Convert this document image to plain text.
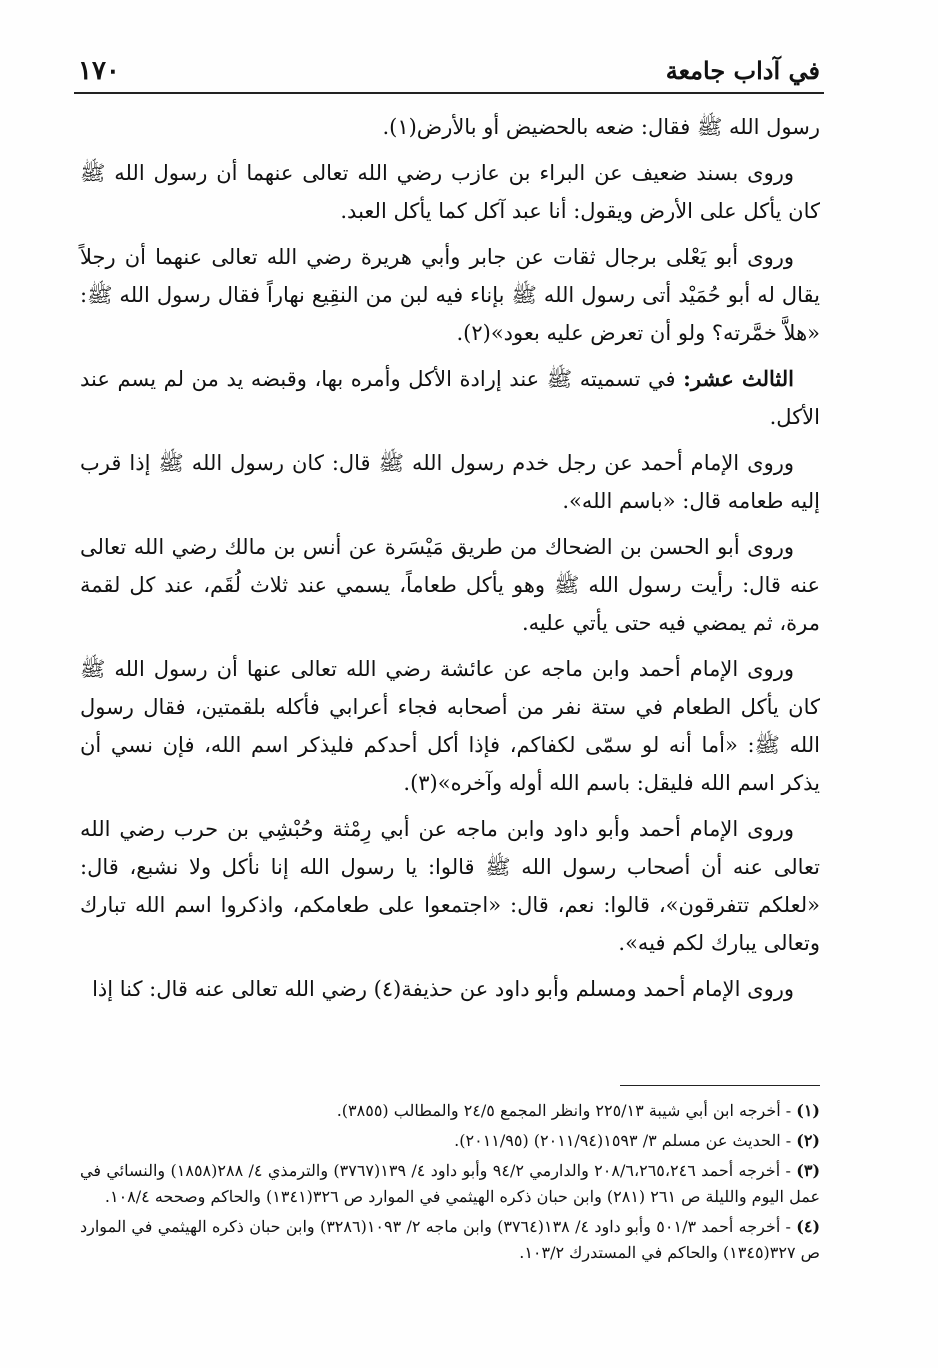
١٧٠	في آداب جامعة

رسول الله ﷺ فقال: ضعه بالحضيض أو بالأرض(١).

وروى بسند ضعيف عن البراء بن عازب رضي الله تعالى عنهما أن رسول الله ﷺ كان يأكل على الأرض ويقول: أنا عبد آكل كما يأكل العبد.

وروى أبو يَعْلى برجال ثقات عن جابر وأبي هريرة رضي الله تعالى عنهما أن رجلاً يقال له أبو حُمَيْد أتى رسول الله ﷺ بإناء فيه لبن من النقِيع نهاراً فقال رسول الله ﷺ: «هلاَّ خمَّرته؟ ولو أن تعرض عليه بعود»(٢).

الثالث عشر: في تسميته ﷺ عند إرادة الأكل وأمره بها، وقبضه يد من لم يسم عند الأكل.

وروى الإمام أحمد عن رجل خدم رسول الله ﷺ قال: كان رسول الله ﷺ إذا قرب إليه طعامه قال: «باسم الله».

وروى أبو الحسن بن الضحاك من طريق مَيْسَرة عن أنس بن مالك رضي الله تعالى عنه قال: رأيت رسول الله ﷺ وهو يأكل طعاماً، يسمي عند ثلاث لُقَم، عند كل لقمة مرة، ثم يمضي فيه حتى يأتي عليه.

وروى الإمام أحمد وابن ماجه عن عائشة رضي الله تعالى عنها أن رسول الله ﷺ كان يأكل الطعام في ستة نفر من أصحابه فجاء أعرابي فأكله بلقمتين، فقال رسول الله ﷺ: «أما أنه لو سمّى لكفاكم، فإذا أكل أحدكم فليذكر اسم الله، فإن نسي أن يذكر اسم الله فليقل: باسم الله أوله وآخره»(٣).

وروى الإمام أحمد وأبو داود وابن ماجه عن أبي رِمْثة وحُبْشِي بن حرب رضي الله تعالى عنه أن أصحاب رسول الله ﷺ قالوا: يا رسول الله إنا نأكل ولا نشبع، قال: «لعلكم تتفرقون»، قالوا: نعم، قال: «اجتمعوا على طعامكم، واذكروا اسم الله تبارك وتعالى يبارك لكم فيه».

وروى الإمام أحمد ومسلم وأبو داود عن حذيفة(٤) رضي الله تعالى عنه قال: كنا إذا

(١) - أخرجه ابن أبي شيبة ٢٢٥/١٣ وانظر المجمع ٢٤/٥ والمطالب (٣٨٥٥).
(٢) - الحديث عن مسلم ٣/ ١٥٩٣(٢٠١١/٩٤) (٢٠١١/٩٥).
(٣) - أخرجه أحمد ٢٠٨/٦،٢٦٥،٢٤٦ والدارمي ٩٤/٢ وأبو داود ٤/ ١٣٩(٣٧٦٧) والترمذي ٤/ ٢٨٨(١٨٥٨) والنسائي في عمل اليوم والليلة ص ٢٦١ (٢٨١) وابن حبان ذكره الهيثمي في الموارد ص ٣٢٦(١٣٤١) والحاكم وصححه ١٠٨/٤.
(٤) - أخرجه أحمد ٥٠١/٣ وأبو داود ٤/ ١٣٨(٣٧٦٤) وابن ماجه ٢/ ١٠٩٣(٣٢٨٦) وابن حبان ذكره الهيثمي في الموارد ص ٣٢٧(١٣٤٥) والحاكم في المستدرك ١٠٣/٢.
